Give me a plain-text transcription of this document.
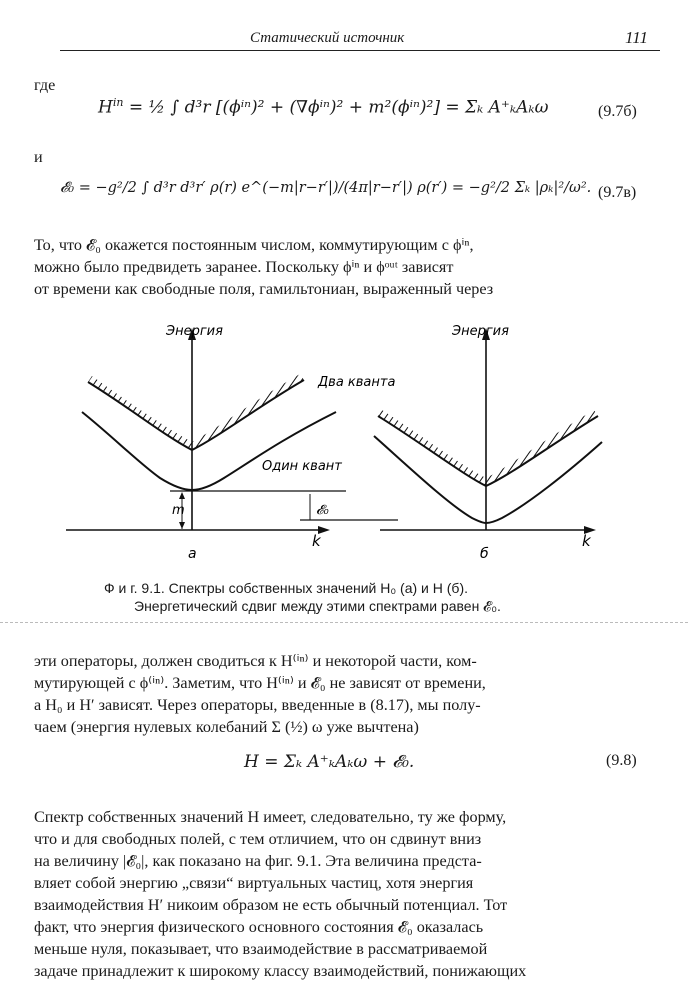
Статический источник	111
где
$H^{in}$ = ½ ∫ d³r [(ϕⁱⁿ)² + (∇ϕⁱⁿ)² + m²(ϕⁱⁿ)²] = Σₖ A⁺ₖAₖω	(9.7б)
и
𝓔₀ = −g²/2 ∫ d³r d³r′ ρ(r) e^(−m|r−r′|)/(4π|r−r′|) ρ(r′) = −g²/2 Σₖ |ρₖ|²/ω². (9.7в)
То, что 𝓔₀ окажется постоянным числом, коммутирующим с ϕⁱⁿ,
можно было предвидеть заранее. Поскольку ϕⁱⁿ и ϕᵒᵘᵗ зависят
от времени как свободные поля, гамильтониан, выраженный через
Энергия
Два кванта
Один квант
m	𝓔₀
k
а
Энергия
k
б
Ф и г. 9.1. Спектры собственных значений H₀ (а) и H (б).
Энергетический сдвиг между этими спектрами равен 𝓔₀.
эти операторы, должен сводиться к H⁽ⁱⁿ⁾ и некоторой части, ком-
мутирующей с ϕ⁽ⁱⁿ⁾. Заметим, что H⁽ⁱⁿ⁾ и 𝓔₀ не зависят от времени,
а H₀ и H′ зависят. Через операторы, введенные в (8.17), мы полу-
чаем (энергия нулевых колебаний Σ (½) ω уже вычтена)
H = Σₖ A⁺ₖAₖω + 𝓔₀.	(9.8)
Спектр собственных значений H имеет, следовательно, ту же форму,
что и для свободных полей, с тем отличием, что он сдвинут вниз
на величину |𝓔₀|, как показано на фиг. 9.1. Эта величина предста-
вляет собой энергию „связи“ виртуальных частиц, хотя энергия
взаимодействия H′ никоим образом не есть обычный потенциал. Тот
факт, что энергия физического основного состояния 𝓔₀ оказалась
меньше нуля, показывает, что взаимодействие в рассматриваемой
задаче принадлежит к широкому классу взаимодействий, понижающих
